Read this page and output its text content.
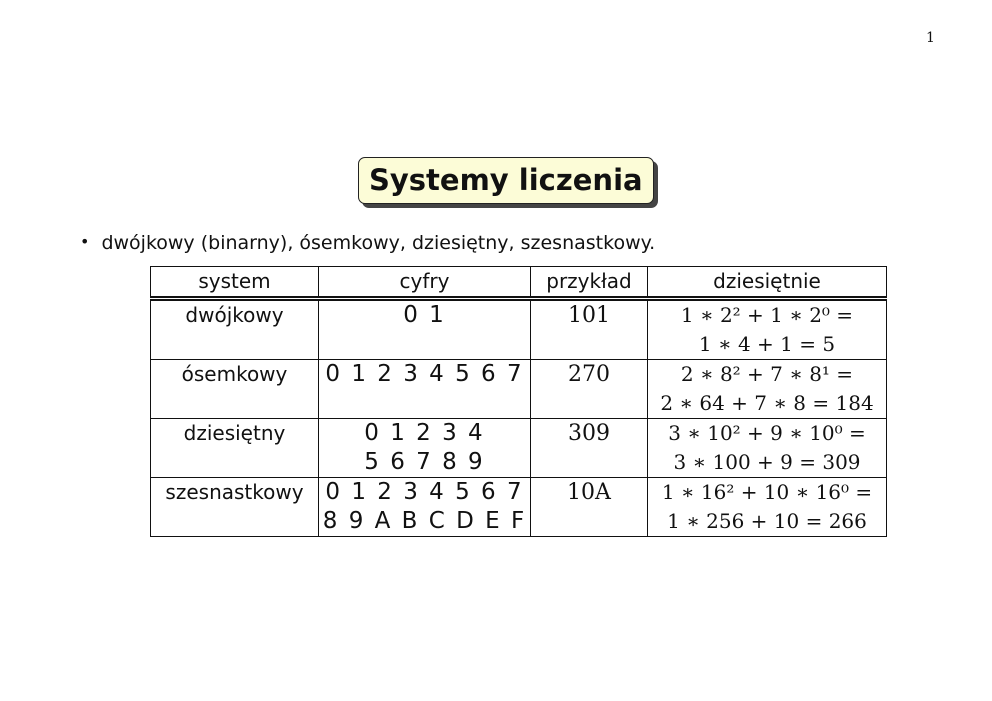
1
Systemy liczenia
• dwójkowy (binarny), ósemkowy, dziesiętny, szesnastkowy.
system	cyfry	przykład	dziesiętnie
dwójkowy	0 1	101	1 ∗ 2² + 1 ∗ 2⁰ =
1 ∗ 4 + 1 = 5

ósemkowy	0 1 2 3 4 5 6 7	270	2 ∗ 8² + 7 ∗ 8¹ =
2 ∗ 64 + 7 ∗ 8 = 184

dziesiętny	0 1 2 3 4
5 6 7 8 9	309	3 ∗ 10² + 9 ∗ 10⁰ =
3 ∗ 100 + 9 = 309

szesnastkowy	0 1 2 3 4 5 6 7
8 9 A B C D E F	10A	1 ∗ 16² + 10 ∗ 16⁰ =
1 ∗ 256 + 10 = 266
